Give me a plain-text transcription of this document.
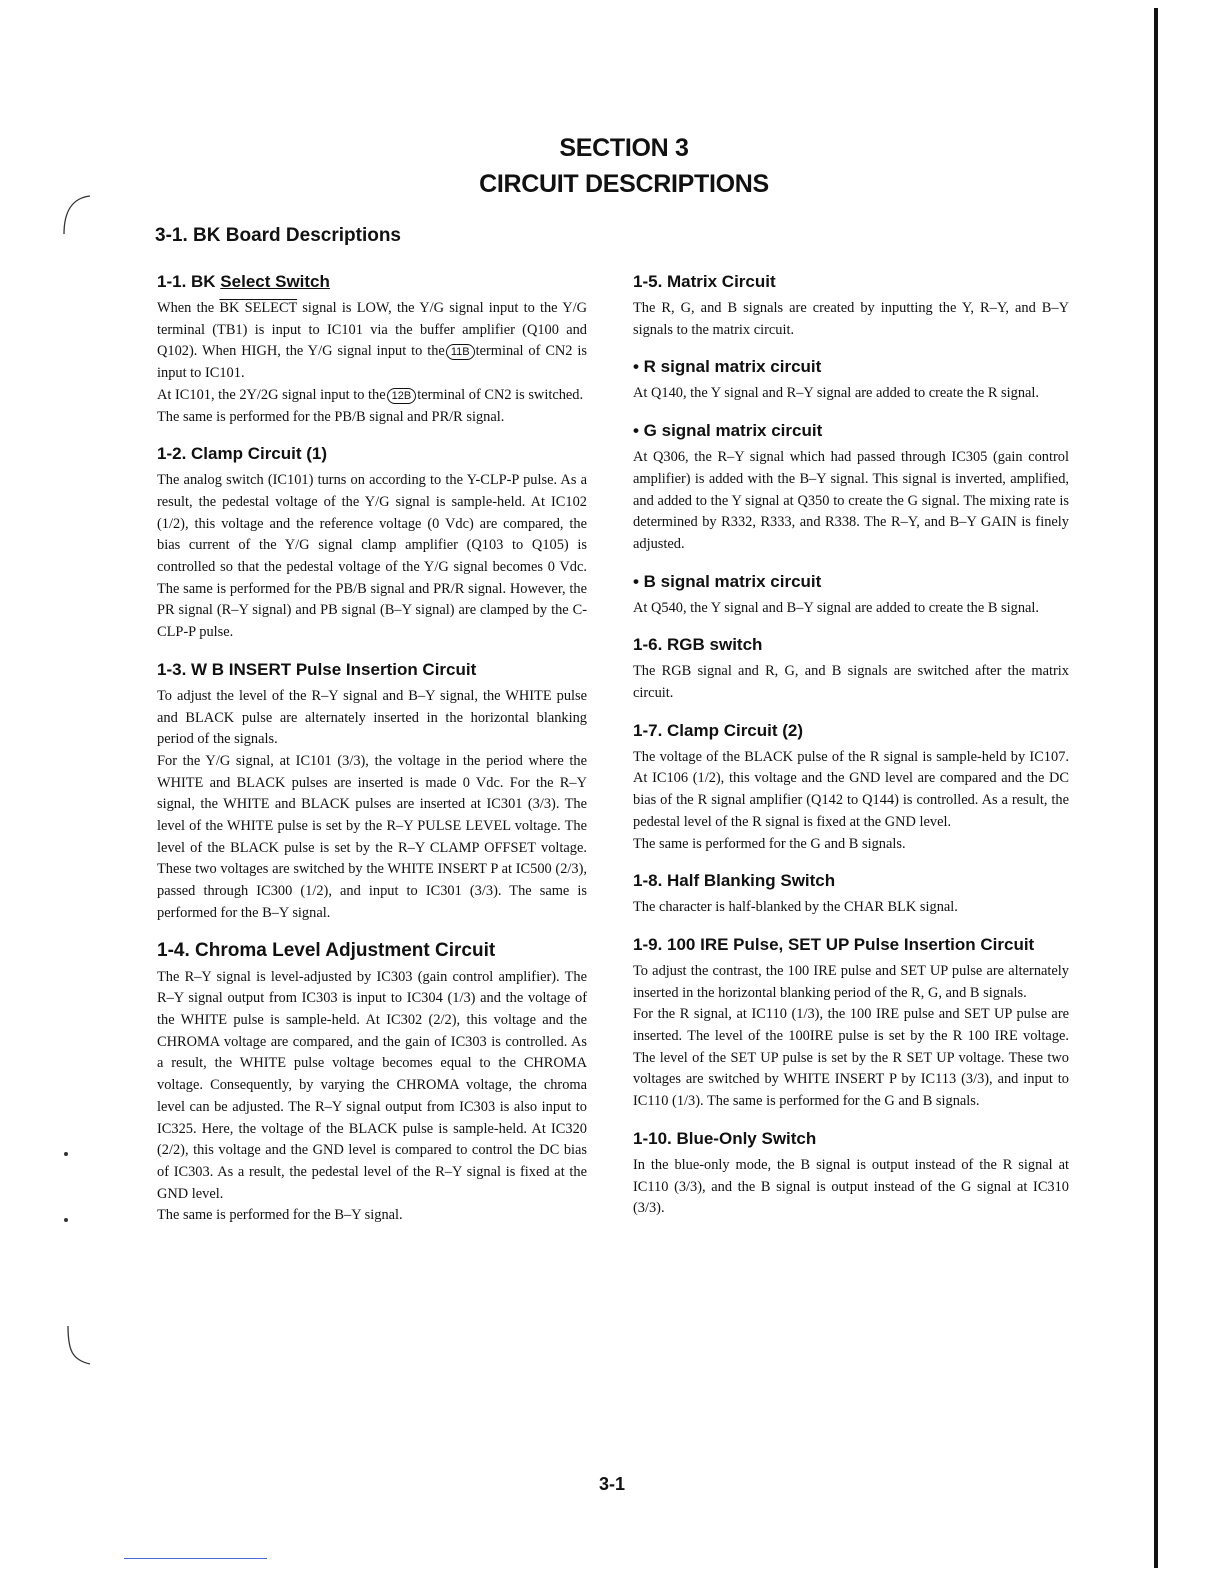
SECTION 3
CIRCUIT DESCRIPTIONS
3-1. BK Board Descriptions
1-1. BK Select Switch

When the BK SELECT signal is LOW, the Y/G signal input to the Y/G terminal (TB1) is input to IC101 via the buffer amplifier (Q100 and Q102). When HIGH, the Y/G signal input to the 11B terminal of CN2 is input to IC101.

At IC101, the 2Y/2G signal input to the 12B terminal of CN2 is switched.

The same is performed for the PB/B signal and PR/R signal.

1-2. Clamp Circuit (1)

The analog switch (IC101) turns on according to the Y-CLP-P pulse. As a result, the pedestal voltage of the Y/G signal is sample-held. At IC102 (1/2), this voltage and the reference voltage (0 Vdc) are compared, the bias current of the Y/G signal clamp amplifier (Q103 to Q105) is controlled so that the pedestal voltage of the Y/G signal becomes 0 Vdc. The same is performed for the PB/B signal and PR/R signal. However, the PR signal (R–Y signal) and PB signal (B–Y signal) are clamped by the C-CLP-P pulse.

1-3. W B INSERT Pulse Insertion Circuit

To adjust the level of the R–Y signal and B–Y signal, the WHITE pulse and BLACK pulse are alternately inserted in the horizontal blanking period of the signals.

For the Y/G signal, at IC101 (3/3), the voltage in the period where the WHITE and BLACK pulses are inserted is made 0 Vdc. For the R–Y signal, the WHITE and BLACK pulses are inserted at IC301 (3/3). The level of the WHITE pulse is set by the R–Y PULSE LEVEL voltage. The level of the BLACK pulse is set by the R–Y CLAMP OFFSET voltage. These two voltages are switched by the WHITE INSERT P at IC500 (2/3), passed through IC300 (1/2), and input to IC301 (3/3). The same is performed for the B–Y signal.

1-4. Chroma Level Adjustment Circuit

The R–Y signal is level-adjusted by IC303 (gain control amplifier). The R–Y signal output from IC303 is input to IC304 (1/3) and the voltage of the WHITE pulse is sample-held. At IC302 (2/2), this voltage and the CHROMA voltage are compared, and the gain of IC303 is controlled. As a result, the WHITE pulse voltage becomes equal to the CHROMA voltage. Consequently, by varying the CHROMA voltage, the chroma level can be adjusted. The R–Y signal output from IC303 is also input to IC325. Here, the voltage of the BLACK pulse is sample-held. At IC320 (2/2), this voltage and the GND level is compared to control the DC bias of IC303. As a result, the pedestal level of the R–Y signal is fixed at the GND level.

The same is performed for the B–Y signal.

1-5. Matrix Circuit

The R, G, and B signals are created by inputting the Y, R–Y, and B–Y signals to the matrix circuit.

• R signal matrix circuit

At Q140, the Y signal and R–Y signal are added to create the R signal.

• G signal matrix circuit

At Q306, the R–Y signal which had passed through IC305 (gain control amplifier) is added with the B–Y signal. This signal is inverted, amplified, and added to the Y signal at Q350 to create the G signal. The mixing rate is determined by R332, R333, and R338. The R–Y, and B–Y GAIN is finely adjusted.

• B signal matrix circuit

At Q540, the Y signal and B–Y signal are added to create the B signal.

1-6. RGB switch

The RGB signal and R, G, and B signals are switched after the matrix circuit.

1-7. Clamp Circuit (2)

The voltage of the BLACK pulse of the R signal is sample-held by IC107. At IC106 (1/2), this voltage and the GND level are compared and the DC bias of the R signal amplifier (Q142 to Q144) is controlled. As a result, the pedestal level of the R signal is fixed at the GND level.

The same is performed for the G and B signals.

1-8. Half Blanking Switch

The character is half-blanked by the CHAR BLK signal.

1-9. 100 IRE Pulse, SET UP Pulse Insertion Circuit

To adjust the contrast, the 100 IRE pulse and SET UP pulse are alternately inserted in the horizontal blanking period of the R, G, and B signals.

For the R signal, at IC110 (1/3), the 100 IRE pulse and SET UP pulse are inserted. The level of the 100IRE pulse is set by the R 100 IRE voltage. The level of the SET UP pulse is set by the R SET UP voltage. These two voltages are switched by WHITE INSERT P by IC113 (3/3), and input to IC110 (1/3). The same is performed for the G and B signals.

1-10. Blue-Only Switch

In the blue-only mode, the B signal is output instead of the R signal at IC110 (3/3), and the B signal is output instead of the G signal at IC310 (3/3).

3-1
